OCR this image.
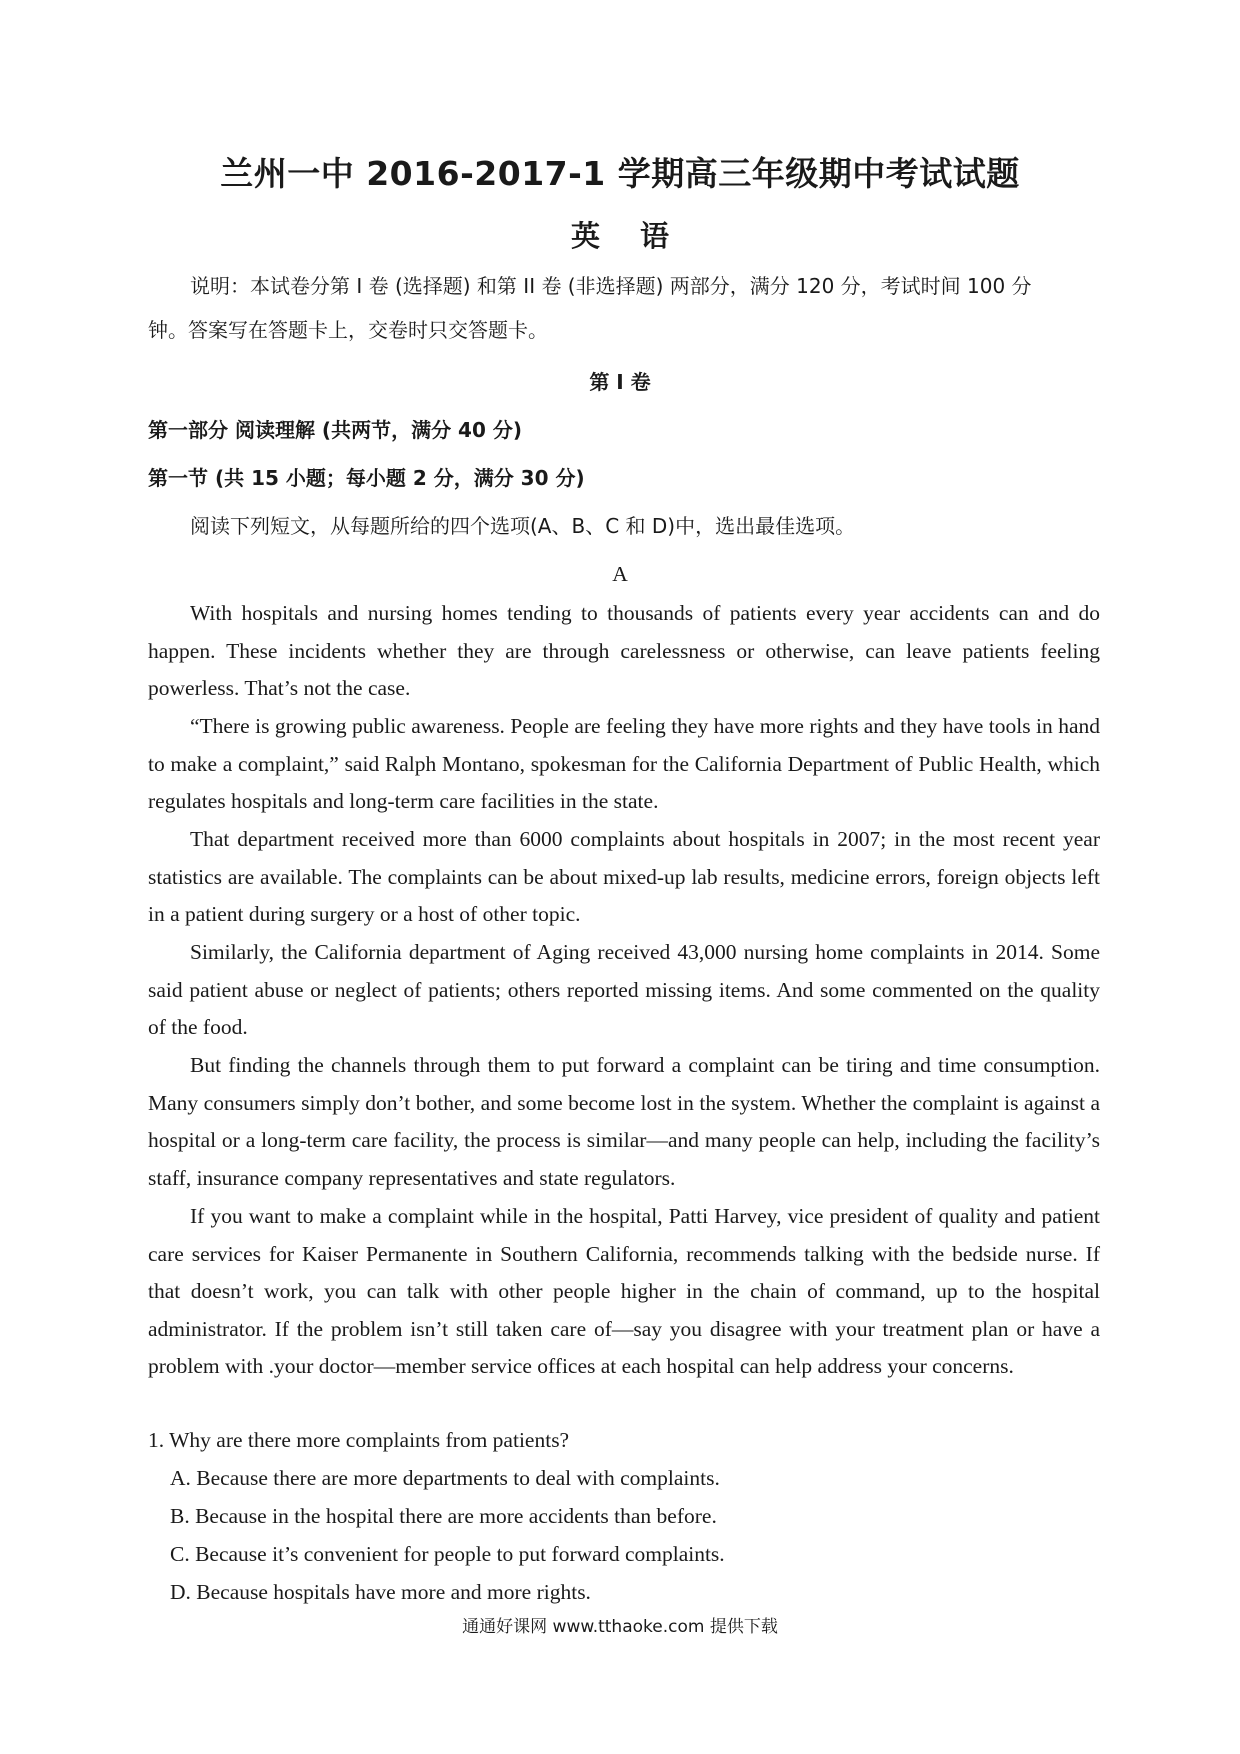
兰州一中 2016-2017-1 学期高三年级期中考试试题
英 语
说明：本试卷分第 I 卷 (选择题) 和第 II 卷 (非选择题) 两部分，满分 120 分，考试时间 100 分
钟。答案写在答题卡上，交卷时只交答题卡。
第 I 卷
第一部分 阅读理解 (共两节，满分 40 分)
第一节 (共 15 小题；每小题 2 分，满分 30 分)
阅读下列短文，从每题所给的四个选项(A、B、C 和 D)中，选出最佳选项。
A

With hospitals and nursing homes tending to thousands of patients every year accidents can and do happen. These incidents whether they are through carelessness or otherwise, can leave patients feeling powerless. That’s not the case.

“There is growing public awareness. People are feeling they have more rights and they have tools in hand to make a complaint,” said Ralph Montano, spokesman for the California Department of Public Health, which regulates hospitals and long-term care facilities in the state.

That department received more than 6000 complaints about hospitals in 2007; in the most recent year statistics are available. The complaints can be about mixed-up lab results, medicine errors, foreign objects left in a patient during surgery or a host of other topic.

Similarly, the California department of Aging received 43,000 nursing home complaints in 2014. Some said patient abuse or neglect of patients; others reported missing items. And some commented on the quality of the food.

But finding the channels through them to put forward a complaint can be tiring and time consumption. Many consumers simply don’t bother, and some become lost in the system. Whether the complaint is against a hospital or a long-term care facility, the process is similar—and many people can help, including the facility’s staff, insurance company representatives and state regulators.

If you want to make a complaint while in the hospital, Patti Harvey, vice president of quality and patient care services for Kaiser Permanente in Southern California, recommends talking with the bedside nurse. If that doesn’t work, you can talk with other people higher in the chain of command, up to the hospital administrator. If the problem isn’t still taken care of—say you disagree with your treatment plan or have a problem with .your doctor—member service offices at each hospital can help address your concerns.

1. Why are there more complaints from patients?
A. Because there are more departments to deal with complaints.
B. Because in the hospital there are more accidents than before.
C. Because it’s convenient for people to put forward complaints.
D. Because hospitals have more and more rights.
通通好课网 www.tthaoke.com 提供下载
